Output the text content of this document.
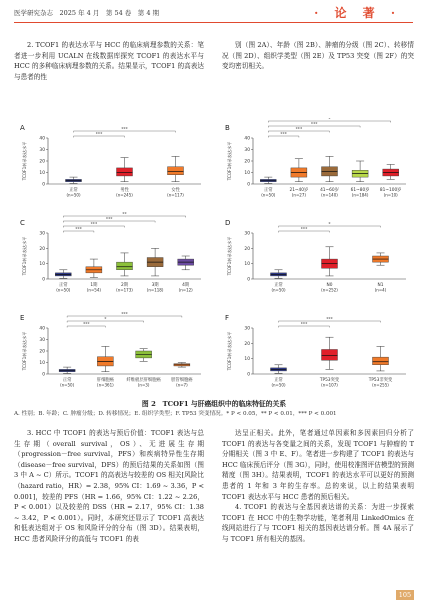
医学研究杂志　2025 年 4 月　第 54 卷　第 4 期	· 论 著 ·

2. TCOF1 的表达水平与 HCC 的临床病理参数的关系：笔者进一步利用 UCALN 在线数据库探究 TCOF1 的表达水平与 HCC 的多种临床病理参数的关系。结果显示，TCOF1 的高表达与患者的性

别（图 2A）、年龄（图 2B）、肿瘤的分级（图 2C）、转移情况（图 2D）、组织学类型（图 2E）及 TP53 突变（图 2F）的突变均密切相关。

A
TCOF1转录表达水平
40
30
20
10
0
正常
(n=50)
男性
(n=245)
女性
(n=117)
***
***	B
TCOF1转录表达水平
40
30
20
10
0
正常
(n=50)
21~40岁
(n=27)
41~60岁
(n=140)
61~80岁
(n=184)
81~100岁
(n=10)
***
***
***
*
C
TCOF1转录表达水平
30
20
10
0
正常
(n=50)
1期
(n=54)
2期
(n=173)
3期
(n=118)
4期
(n=12)
***
***
***
**
D
TCOF1转录表达水平
30
20
10
0
正常
(n=50)
N0
(n=252)
N1
(n=4)
***
*
E
TCOF1转录表达水平
40
30
20
10
0
正常
(n=50)
肝细胞癌
(n=361)
纤维板层肝细胞癌
(n=3)
胆管细胞癌
(n=7)
***
*
***	F
TCOF1转录表达水平
30
20
10
0
正常
(n=50)
TP53突变
(n=107)
TP53非突变
(n=255)
***
***
图 2　TCOF1 与肝癌组织中的临床特征的关系
A. 性别；B. 年龄；C. 肿瘤分级；D. 转移情况；E. 组织学类型；F. TP53 突变情况。* P < 0.05，** P < 0.01，*** P < 0.001

3. HCC 中 TCOF1 的表达与预后价值：TCOF1 表达与总生存期（overall survival，OS）、无进展生存期（progression－free survival，PFS）和疾病特异性生存期（disease－free survival，DFS）的预后结果的关系如图（图 3 中 A ~ C）所示。TCOF1 的高表达与较差的 OS 相关[风险比（hazard ratio，HR）= 2.38，95% CI：1.69 ~ 3.36，P < 0.001]，较差的 PFS（HR = 1.66，95% CI：1.22 ~ 2.26，P < 0.001）以及较差的 DSS（HR = 2.17，95% CI：1.38 ~ 3.42，P < 0.001）。同时，本研究还显示了 TCOF1 高表达和低表达组对于 OS 和风险评分的分布（图 3D）。结果表明，HCC 患者风险评分的高低与 TCOF1 的表

达呈正相关。此外，笔者通过单因素和多因素回归分析了 TCOF1 的表达与各变量之间的关系，发现 TCOF1 与肿瘤的 T 分期相关（图 3 中 E、F）。笔者进一步构建了 TCOF1 的表达与 HCC 临床预后评分（图 3G），同时，使用校准图评估模型的预测精度（图 3H）。结果表明，TCOF1 的表达水平可以更好的预测患者的 1 年和 3 年的生存率。总的来说，以上的结果表明 TCOF1 表达水平与 HCC 患者的预后相关。

4. TCOF1 的表达与全基因表达谱的关系：为进一步探索 TCOF1 在 HCC 中的生物学功能，笔者利用 LinkedOmics 在线网站进行了与 TCOF1 相关的基因表达谱分析。图 4A 展示了与 TCOF1 所有相关的基因。

105
